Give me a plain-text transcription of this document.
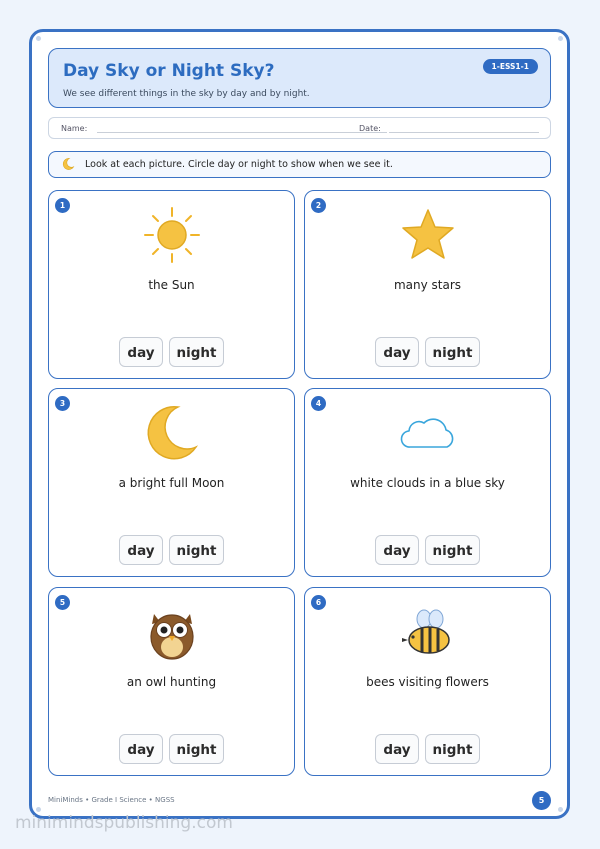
Day Sky or Night Sky?
We see different things in the sky by day and by night.
1-ESS1-1
Name:	Date:
Look at each picture. Circle day or night to show when we see it.
1
the Sun
day night
2
many stars
day night
3
a bright full Moon
day night
4
white clouds in a blue sky
day night
5
an owl hunting
day night
6
bees visiting flowers
day night
MiniMinds • Grade I Science • NGSS	5
minimindspublishing.com
